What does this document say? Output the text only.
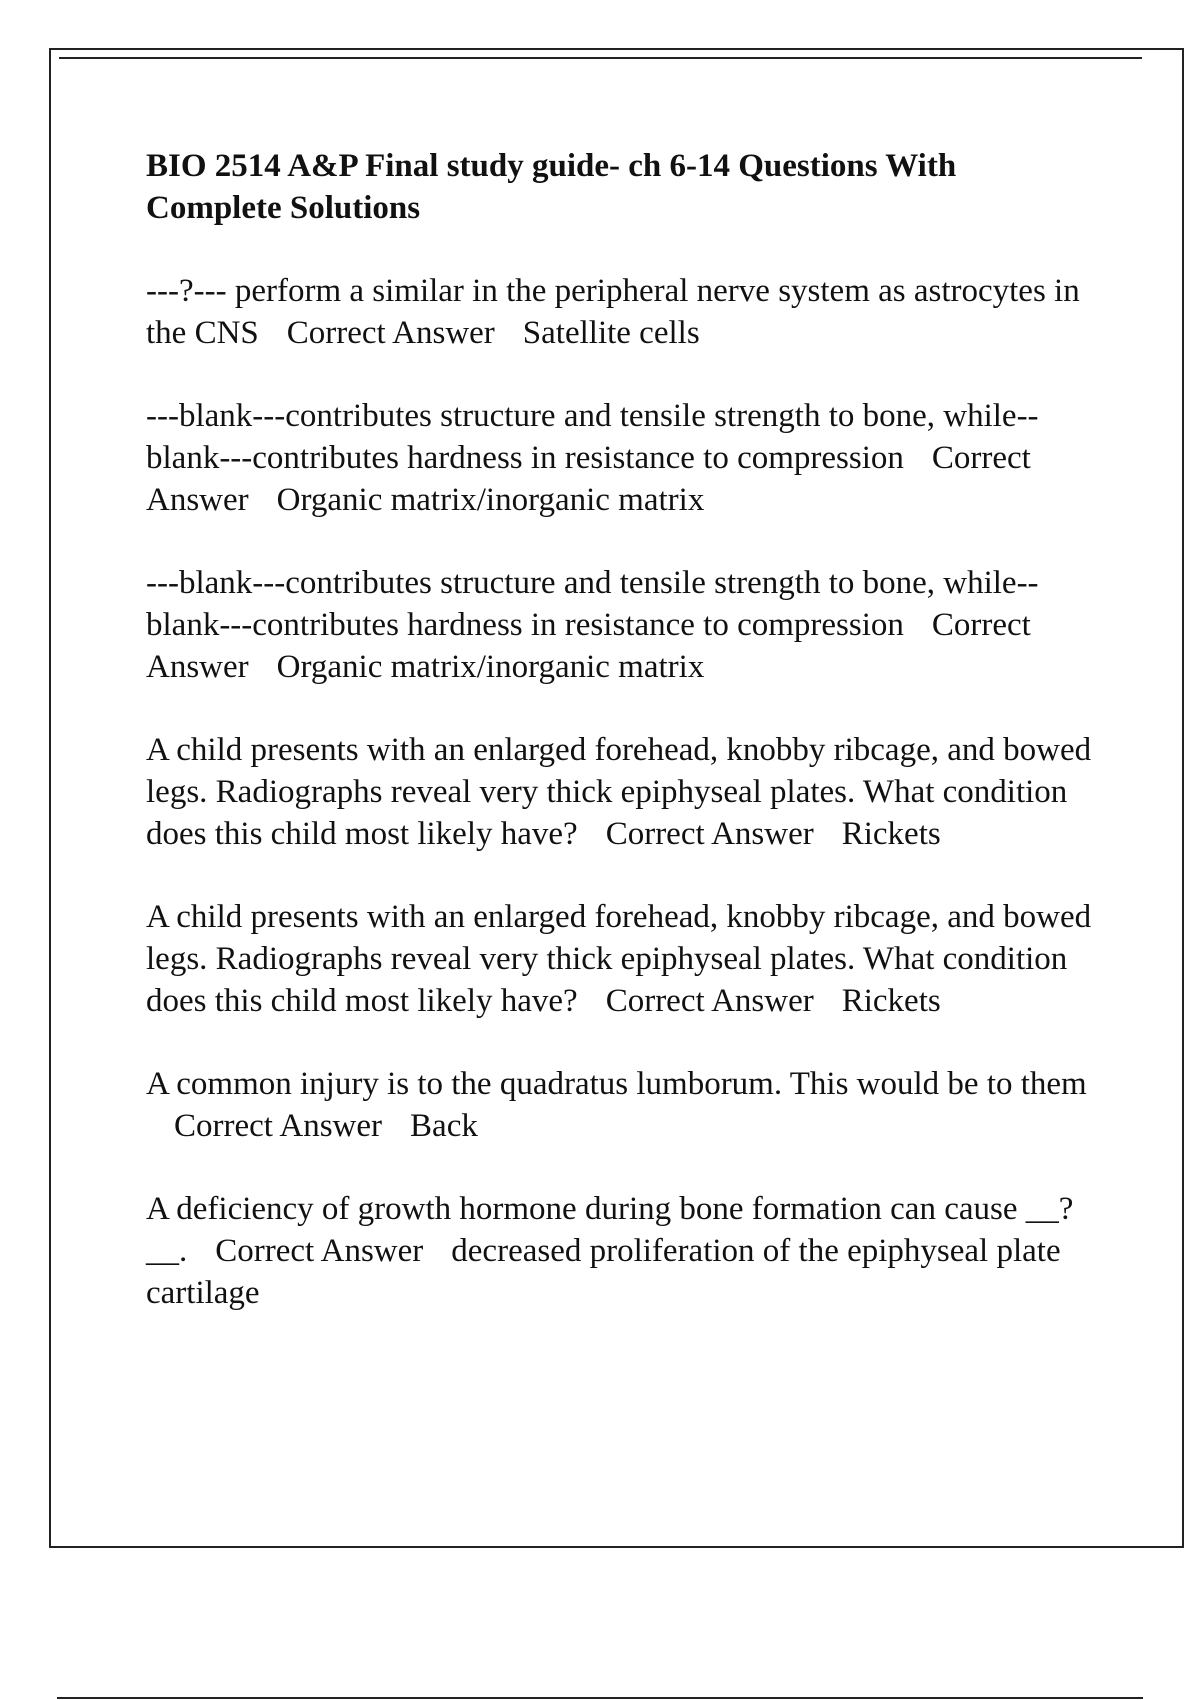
BIO 2514 A&P Final study guide- ch 6-14 Questions With Complete Solutions
---?--- perform a similar in the peripheral nerve system as astrocytes in the CNS Correct Answer Satellite cells
---blank---contributes structure and tensile strength to bone, while--blank---contributes hardness in resistance to compression Correct Answer Organic matrix/inorganic matrix
---blank---contributes structure and tensile strength to bone, while--blank---contributes hardness in resistance to compression Correct Answer Organic matrix/inorganic matrix
A child presents with an enlarged forehead, knobby ribcage, and bowed legs. Radiographs reveal very thick epiphyseal plates. What condition does this child most likely have? Correct Answer Rickets
A child presents with an enlarged forehead, knobby ribcage, and bowed legs. Radiographs reveal very thick epiphyseal plates. What condition does this child most likely have? Correct Answer Rickets
A common injury is to the quadratus lumborum. This would be to themCorrect Answer Back
A deficiency of growth hormone during bone formation can cause __?__. Correct Answer decreased proliferation of the epiphyseal plate cartilage
